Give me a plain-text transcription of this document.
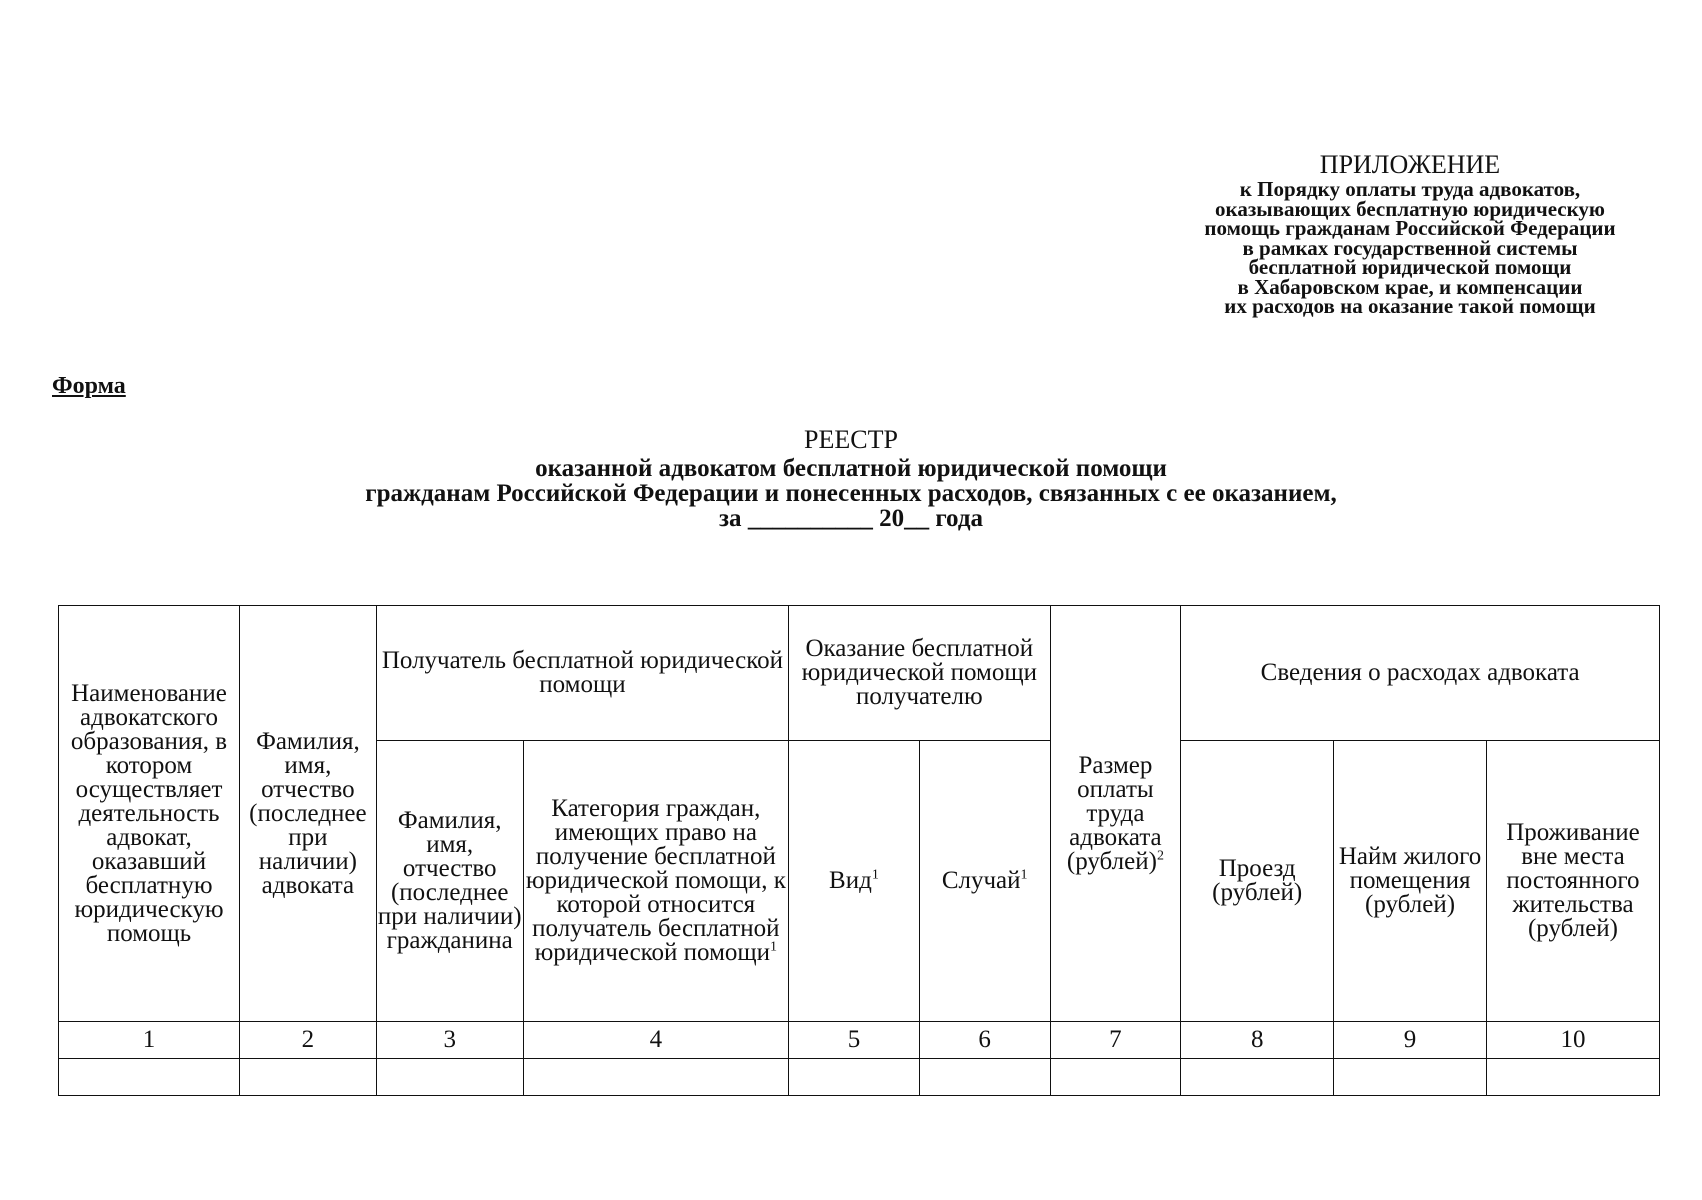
ПРИЛОЖЕНИЕ
к Порядку оплаты труда адвокатов,
оказывающих бесплатную юридическую
помощь гражданам Российской Федерации
в рамках государственной системы
бесплатной юридической помощи
в Хабаровском крае, и компенсации
их расходов на оказание такой помощи
Форма
РЕЕСТР
оказанной адвокатом бесплатной юридической помощи
гражданам Российской Федерации и понесенных расходов, связанных с ее оказанием,
за __________ 20__ года
Наименование адвокатского образования, в котором осуществляет деятельность адвокат, оказавший бесплатную юридическую помощь	Фамилия, имя, отчество (последнее при наличии) адвоката	Получатель бесплатной юридической помощи		Оказание бесплатной юридической помощи получателю		Размер оплаты труда адвоката (рублей)$^2$	Сведения о расходах адвоката		

		Фамилия, имя, отчество (последнее при наличии) гражданина	Категория граждан, имеющих право на получение бесплатной юридической помощи, к которой относится получатель бесплатной юридической помощи$^1$	Вид$^1$	Случай$^1$		Проезд (рублей)	Найм жилого помещения (рублей)	Проживание вне места постоянного жительства (рублей)

1	2	3	4	5	6	7	8	9	10
